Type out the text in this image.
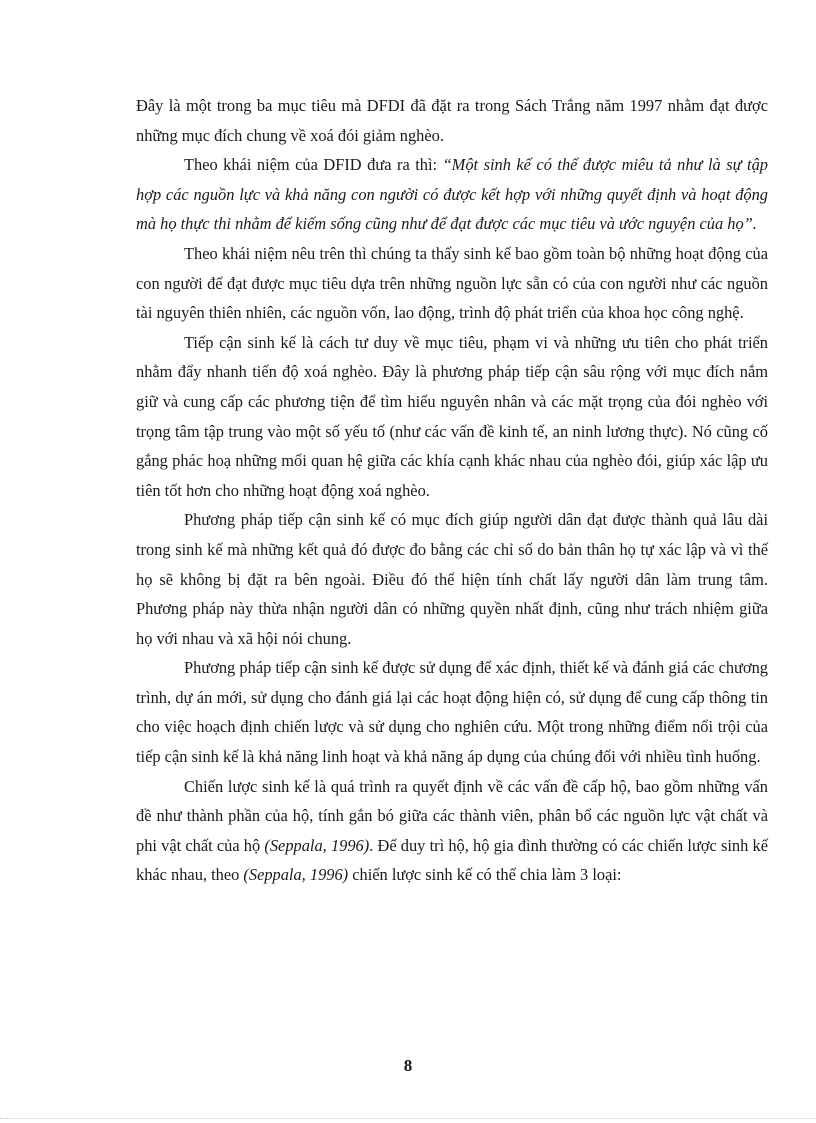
Đây là một trong ba mục tiêu mà DFDI đã đặt ra trong Sách Trắng năm 1997 nhằm đạt được những mục đích chung về xoá đói giảm nghèo.

Theo khái niệm của DFID đưa ra thì: “Một sinh kế có thể được miêu tả như là sự tập hợp các nguồn lực và khả năng con người có được kết hợp với những quyết định và hoạt động mà họ thực thi nhằm để kiếm sống cũng như để đạt được các mục tiêu và ước nguyện của họ”.

Theo khái niệm nêu trên thì chúng ta thấy sinh kế bao gồm toàn bộ những hoạt động của con người để đạt được mục tiêu dựa trên những nguồn lực sẵn có của con người như các nguồn tài nguyên thiên nhiên, các nguồn vốn, lao động, trình độ phát triển của khoa học công nghệ.

Tiếp cận sinh kế là cách tư duy về mục tiêu, phạm vi và những ưu tiên cho phát triển nhằm đẩy nhanh tiến độ xoá nghèo. Đây là phương pháp tiếp cận sâu rộng với mục đích nắm giữ và cung cấp các phương tiện để tìm hiểu nguyên nhân và các mặt trọng của đói nghèo với trọng tâm tập trung vào một số yếu tố (như các vấn đề kinh tế, an ninh lương thực). Nó cũng cố gắng phác hoạ những mối quan hệ giữa các khía cạnh khác nhau của nghèo đói, giúp xác lập ưu tiên tốt hơn cho những hoạt động xoá nghèo.

Phương pháp tiếp cận sinh kế có mục đích giúp người dân đạt được thành quả lâu dài trong sinh kế mà những kết quả đó được đo bằng các chỉ số do bản thân họ tự xác lập và vì thế họ sẽ không bị đặt ra bên ngoài. Điều đó thể hiện tính chất lấy người dân làm trung tâm. Phương pháp này thừa nhận người dân có những quyền nhất định, cũng như trách nhiệm giữa họ với nhau và xã hội nói chung.

Phương pháp tiếp cận sinh kế được sử dụng để xác định, thiết kế và đánh giá các chương trình, dự án mới, sử dụng cho đánh giá lại các hoạt động hiện có, sử dụng để cung cấp thông tin cho việc hoạch định chiến lược và sử dụng cho nghiên cứu. Một trong những điểm nổi trội của tiếp cận sinh kế là khả năng linh hoạt và khả năng áp dụng của chúng đối với nhiều tình huống.

Chiến lược sinh kế là quá trình ra quyết định về các vấn đề cấp hộ, bao gồm những vấn đề như thành phần của hộ, tính gắn bó giữa các thành viên, phân bổ các nguồn lực vật chất và phi vật chất của hộ (Seppala, 1996). Để duy trì hộ, hộ gia đình thường có các chiến lược sinh kế khác nhau, theo (Seppala, 1996) chiến lược sinh kế có thể chia làm 3 loại:

8
